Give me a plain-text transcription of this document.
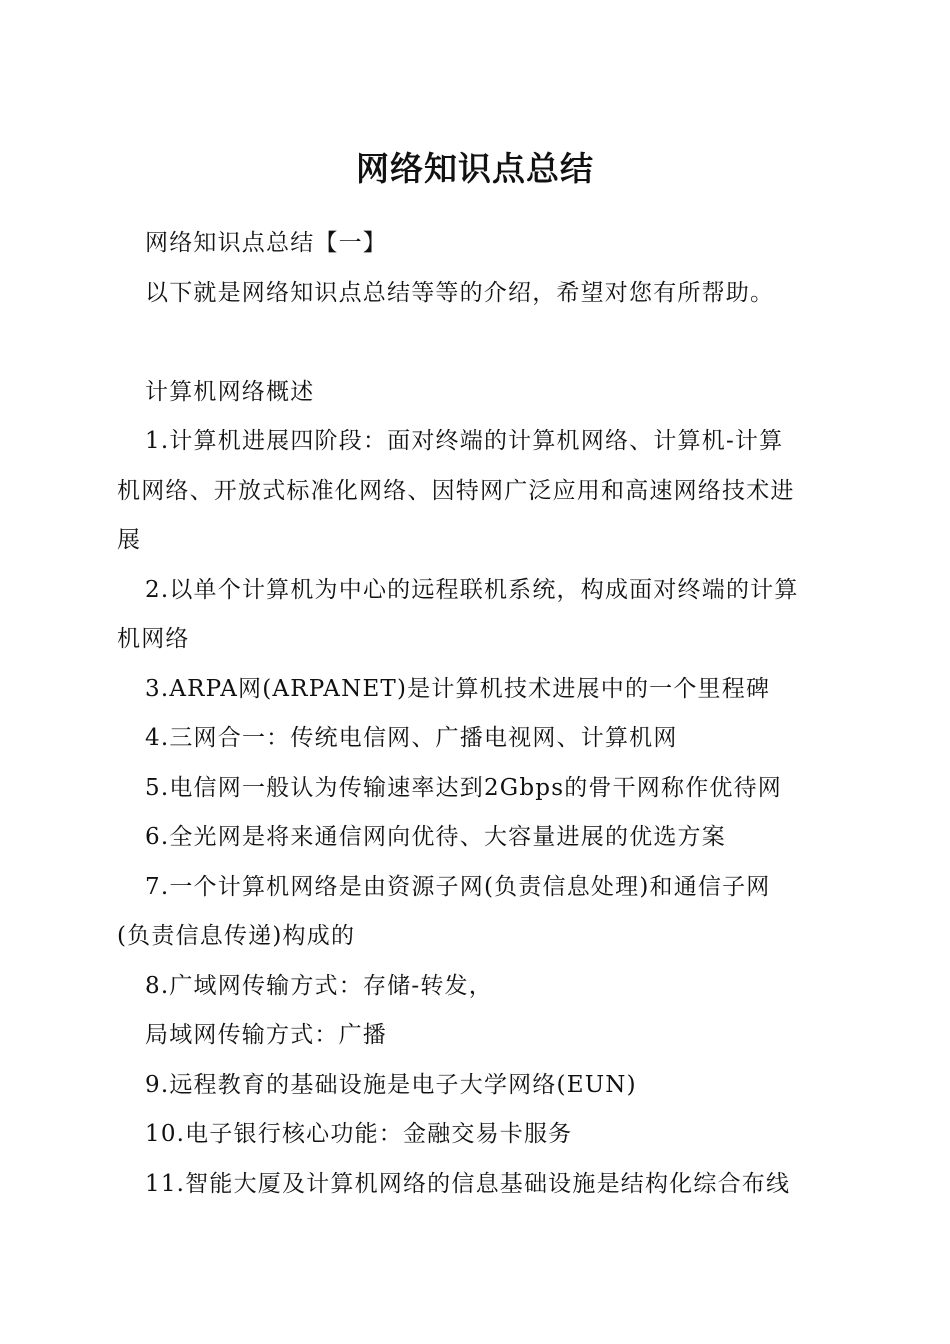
网络知识点总结
网络知识点总结【一】
以下就是网络知识点总结等等的介绍，希望对您有所帮助。
计算机网络概述
1.计算机进展四阶段：面对终端的计算机网络、计算机-计算
机网络、开放式标准化网络、因特网广泛应用和高速网络技术进
展
2.以单个计算机为中心的远程联机系统，构成面对终端的计算
机网络
3.ARPA网(ARPANET)是计算机技术进展中的一个里程碑
4.三网合一：传统电信网、广播电视网、计算机网
5.电信网一般认为传输速率达到2Gbps的骨干网称作优待网
6.全光网是将来通信网向优待、大容量进展的优选方案
7.一个计算机网络是由资源子网(负责信息处理)和通信子网
(负责信息传递)构成的
8.广域网传输方式：存储-转发，
局域网传输方式：广播
9.远程教育的基础设施是电子大学网络(EUN)
10.电子银行核心功能：金融交易卡服务
11.智能大厦及计算机网络的信息基础设施是结构化综合布线
